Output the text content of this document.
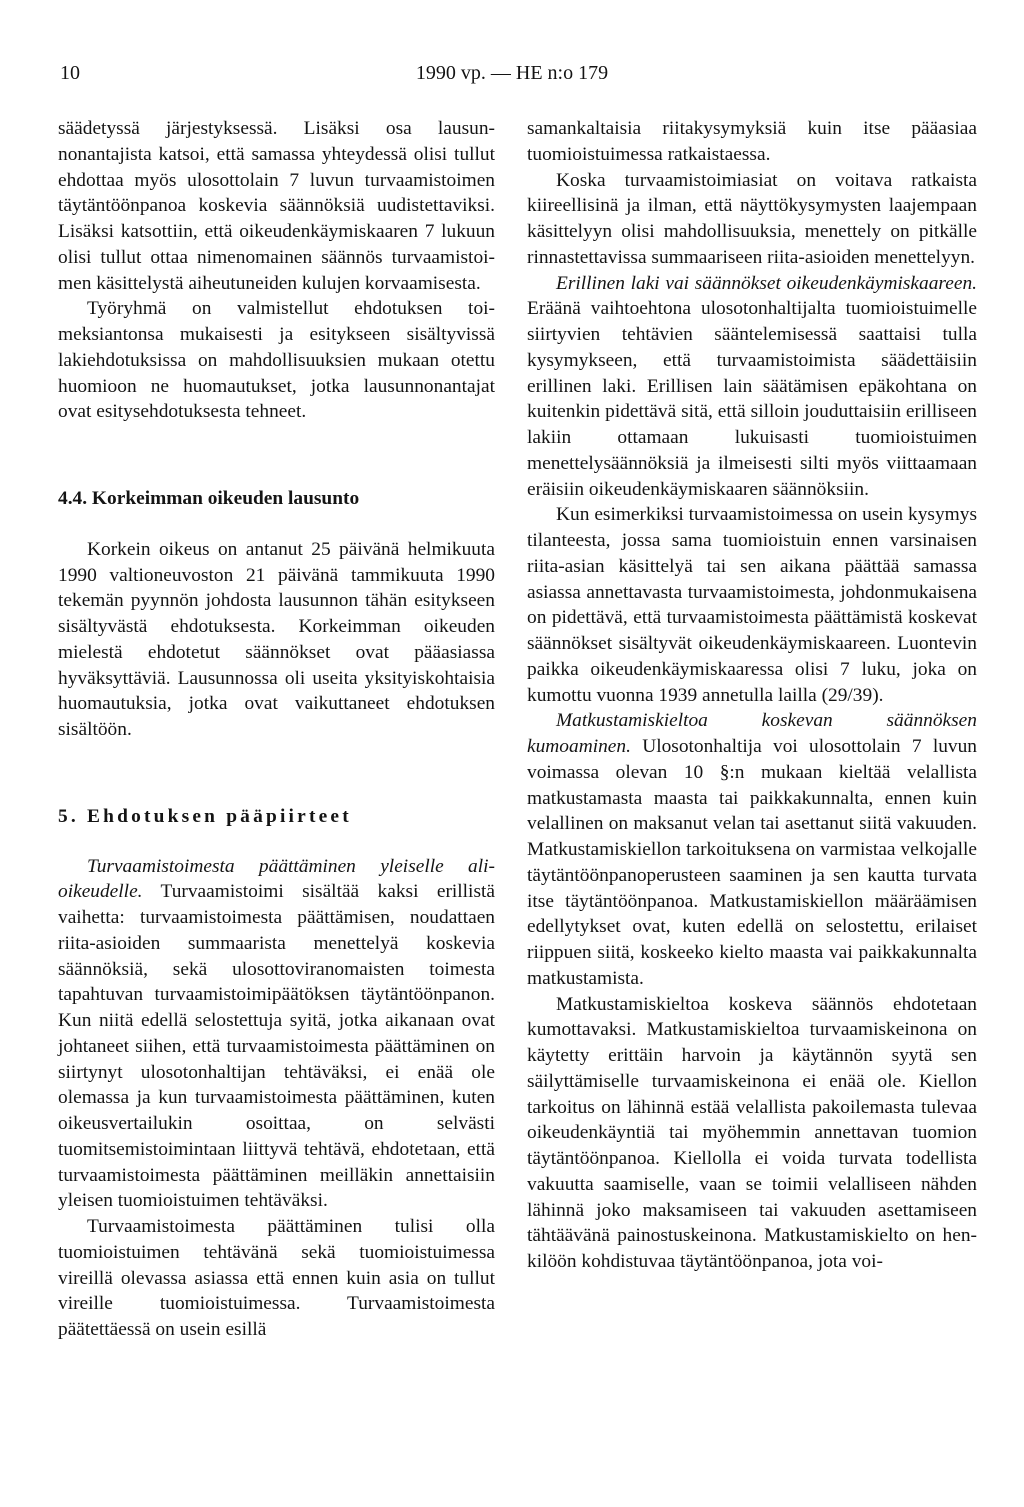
10	1990 vp. — HE n:o 179

säädetyssä järjestyksessä. Lisäksi osa lausunnonantajista katsoi, että samassa yhteydessä olisi tullut ehdottaa myös ulosottolain 7 luvun turvaamistoimen täytäntöönpanoa koskevia säännöksiä uudistettaviksi. Lisäksi katsottiin, että oikeudenkäymiskaaren 7 lukuun olisi tullut ottaa nimenomainen säännös turvaamistoimen käsittelystä aiheutuneiden kulujen korvaamisesta.

Työryhmä on valmistellut ehdotuksen toimeksiantonsa mukaisesti ja esitykseen sisältyvissä lakiehdotuksissa on mahdollisuuksien mukaan otettu huomioon ne huomautukset, jotka lausunnonantajat ovat esitysehdotuksesta tehneet.

4.4. Korkeimman oikeuden lausunto

Korkein oikeus on antanut 25 päivänä helmikuuta 1990 valtioneuvoston 21 päivänä tammikuuta 1990 tekemän pyynnön johdosta lausunnon tähän esitykseen sisältyvästä ehdotuksesta. Korkeimman oikeuden mielestä ehdotetut säännökset ovat pääasiassa hyväksyttäviä. Lausunnossa oli useita yksityiskohtaisia huomautuksia, jotka ovat vaikuttaneet ehdotuksen sisältöön.

5. Ehdotuksen pääpiirteet

Turvaamistoimesta päättäminen yleiselle alioikeudelle. Turvaamistoimi sisältää kaksi erillistä vaihetta: turvaamistoimesta päättämisen, noudattaen riita-asioiden summaarista menettelyä koskevia säännöksiä, sekä ulosottoviranomaisten toimesta tapahtuvan turvaamistoimipäätöksen täytäntöönpanon. Kun niitä edellä selostettuja syitä, jotka aikanaan ovat johtaneet siihen, että turvaamistoimesta päättäminen on siirtynyt ulosotonhaltijan tehtäväksi, ei enää ole olemassa ja kun turvaamistoimesta päättäminen, kuten oikeusvertailukin osoittaa, on selvästi tuomitsemistoimintaan liittyvä tehtävä, ehdotetaan, että turvaamistoimesta päättäminen meilläkin annettaisiin yleisen tuomioistuimen tehtäväksi.

Turvaamistoimesta päättäminen tulisi olla tuomioistuimen tehtävänä sekä tuomioistuimessa vireillä olevassa asiassa että ennen kuin asia on tullut vireille tuomioistuimessa. Turvaamistoimesta päätettäessä on usein esillä

samankaltaisia riitakysymyksiä kuin itse pääasiaa tuomioistuimessa ratkaistaessa.

Koska turvaamistoimiasiat on voitava ratkaista kiireellisinä ja ilman, että näyttökysymysten laajempaan käsittelyyn olisi mahdollisuuksia, menettely on pitkälle rinnastettavissa summaariseen riita-asioiden menettelyyn.

Erillinen laki vai säännökset oikeudenkäymiskaareen. Eräänä vaihtoehtona ulosotonhaltijalta tuomioistuimelle siirtyvien tehtävien sääntelemisessä saattaisi tulla kysymykseen, että turvaamistoimista säädettäisiin erillinen laki. Erillisen lain säätämisen epäkohtana on kuitenkin pidettävä sitä, että silloin jouduttaisiin erilliseen lakiin ottamaan lukuisasti tuomioistuimen menettelysäännöksiä ja ilmeisesti silti myös viittaamaan eräisiin oikeudenkäymiskaaren säännöksiin.

Kun esimerkiksi turvaamistoimessa on usein kysymys tilanteesta, jossa sama tuomioistuin ennen varsinaisen riita-asian käsittelyä tai sen aikana päättää samassa asiassa annettavasta turvaamistoimesta, johdonmukaisena on pidettävä, että turvaamistoimesta päättämistä koskevat säännökset sisältyvät oikeudenkäymiskaareen. Luontevin paikka oikeudenkäymiskaaressa olisi 7 luku, joka on kumottu vuonna 1939 annetulla lailla (29/39).

Matkustamiskieltoa koskevan säännöksen kumoaminen. Ulosotonhaltija voi ulosottolain 7 luvun voimassa olevan 10 §:n mukaan kieltää velallista matkustamasta maasta tai paikkakunnalta, ennen kuin velallinen on maksanut velan tai asettanut siitä vakuuden. Matkustamiskiellon tarkoituksena on varmistaa velkojalle täytäntöönpanoperusteen saaminen ja sen kautta turvata itse täytäntöönpanoa. Matkustamiskiellon määräämisen edellytykset ovat, kuten edellä on selostettu, erilaiset riippuen siitä, koskeeko kielto maasta vai paikkakunnalta matkustamista.

Matkustamiskieltoa koskeva säännös ehdotetaan kumottavaksi. Matkustamiskieltoa turvaamiskeinona on käytetty erittäin harvoin ja käytännön syytä sen säilyttämiselle turvaamiskeinona ei enää ole. Kiellon tarkoitus on lähinnä estää velallista pakoilemasta tulevaa oikeudenkäyntiä tai myöhemmin annettavan tuomion täytäntöönpanoa. Kiellolla ei voida turvata todellista vakuutta saamiselle, vaan se toimii velalliseen nähden lähinnä joko maksamiseen tai vakuuden asettamiseen tähtäävänä painostuskeinona. Matkustamiskielto on henkilöön kohdistuvaa täytäntöönpanoa, jota voi-
